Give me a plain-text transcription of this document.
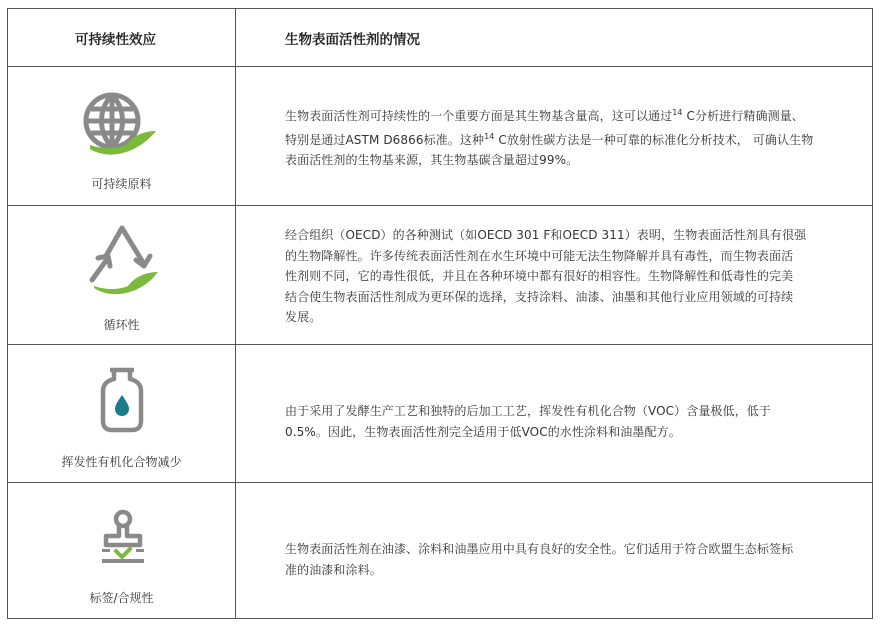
可持续性效应	生物表面活性剂的情况
可持续原料
生物表面活性剂可持续性的一个重要方面是其生物基含量高，这可以通过$^{14}$ C分析进行精确测量、
特别是通过ASTM D6866标准。这种$^{14}$ C放射性碳方法是一种可靠的标准化分析技术， 可确认生物
表面活性剂的生物基来源，其生物基碳含量超过99%。
循环性
经合组织（OECD）的各种测试（如OECD 301 F和OECD 311）表明，生物表面活性剂具有很强
的生物降解性。许多传统表面活性剂在水生环境中可能无法生物降解并具有毒性，而生物表面活
性剂则不同，它的毒性很低，并且在各种环境中都有很好的相容性。生物降解性和低毒性的完美
结合使生物表面活性剂成为更环保的选择，支持涂料、油漆、油墨和其他行业应用领域的可持续
发展。
挥发性有机化合物减少
由于采用了发酵生产工艺和独特的后加工工艺，挥发性有机化合物（VOC）含量极低，低于
0.5%。因此，生物表面活性剂完全适用于低VOC的水性涂料和油墨配方。
标签/合规性
生物表面活性剂在油漆、涂料和油墨应用中具有良好的安全性。它们适用于符合欧盟生态标签标
准的油漆和涂料。
